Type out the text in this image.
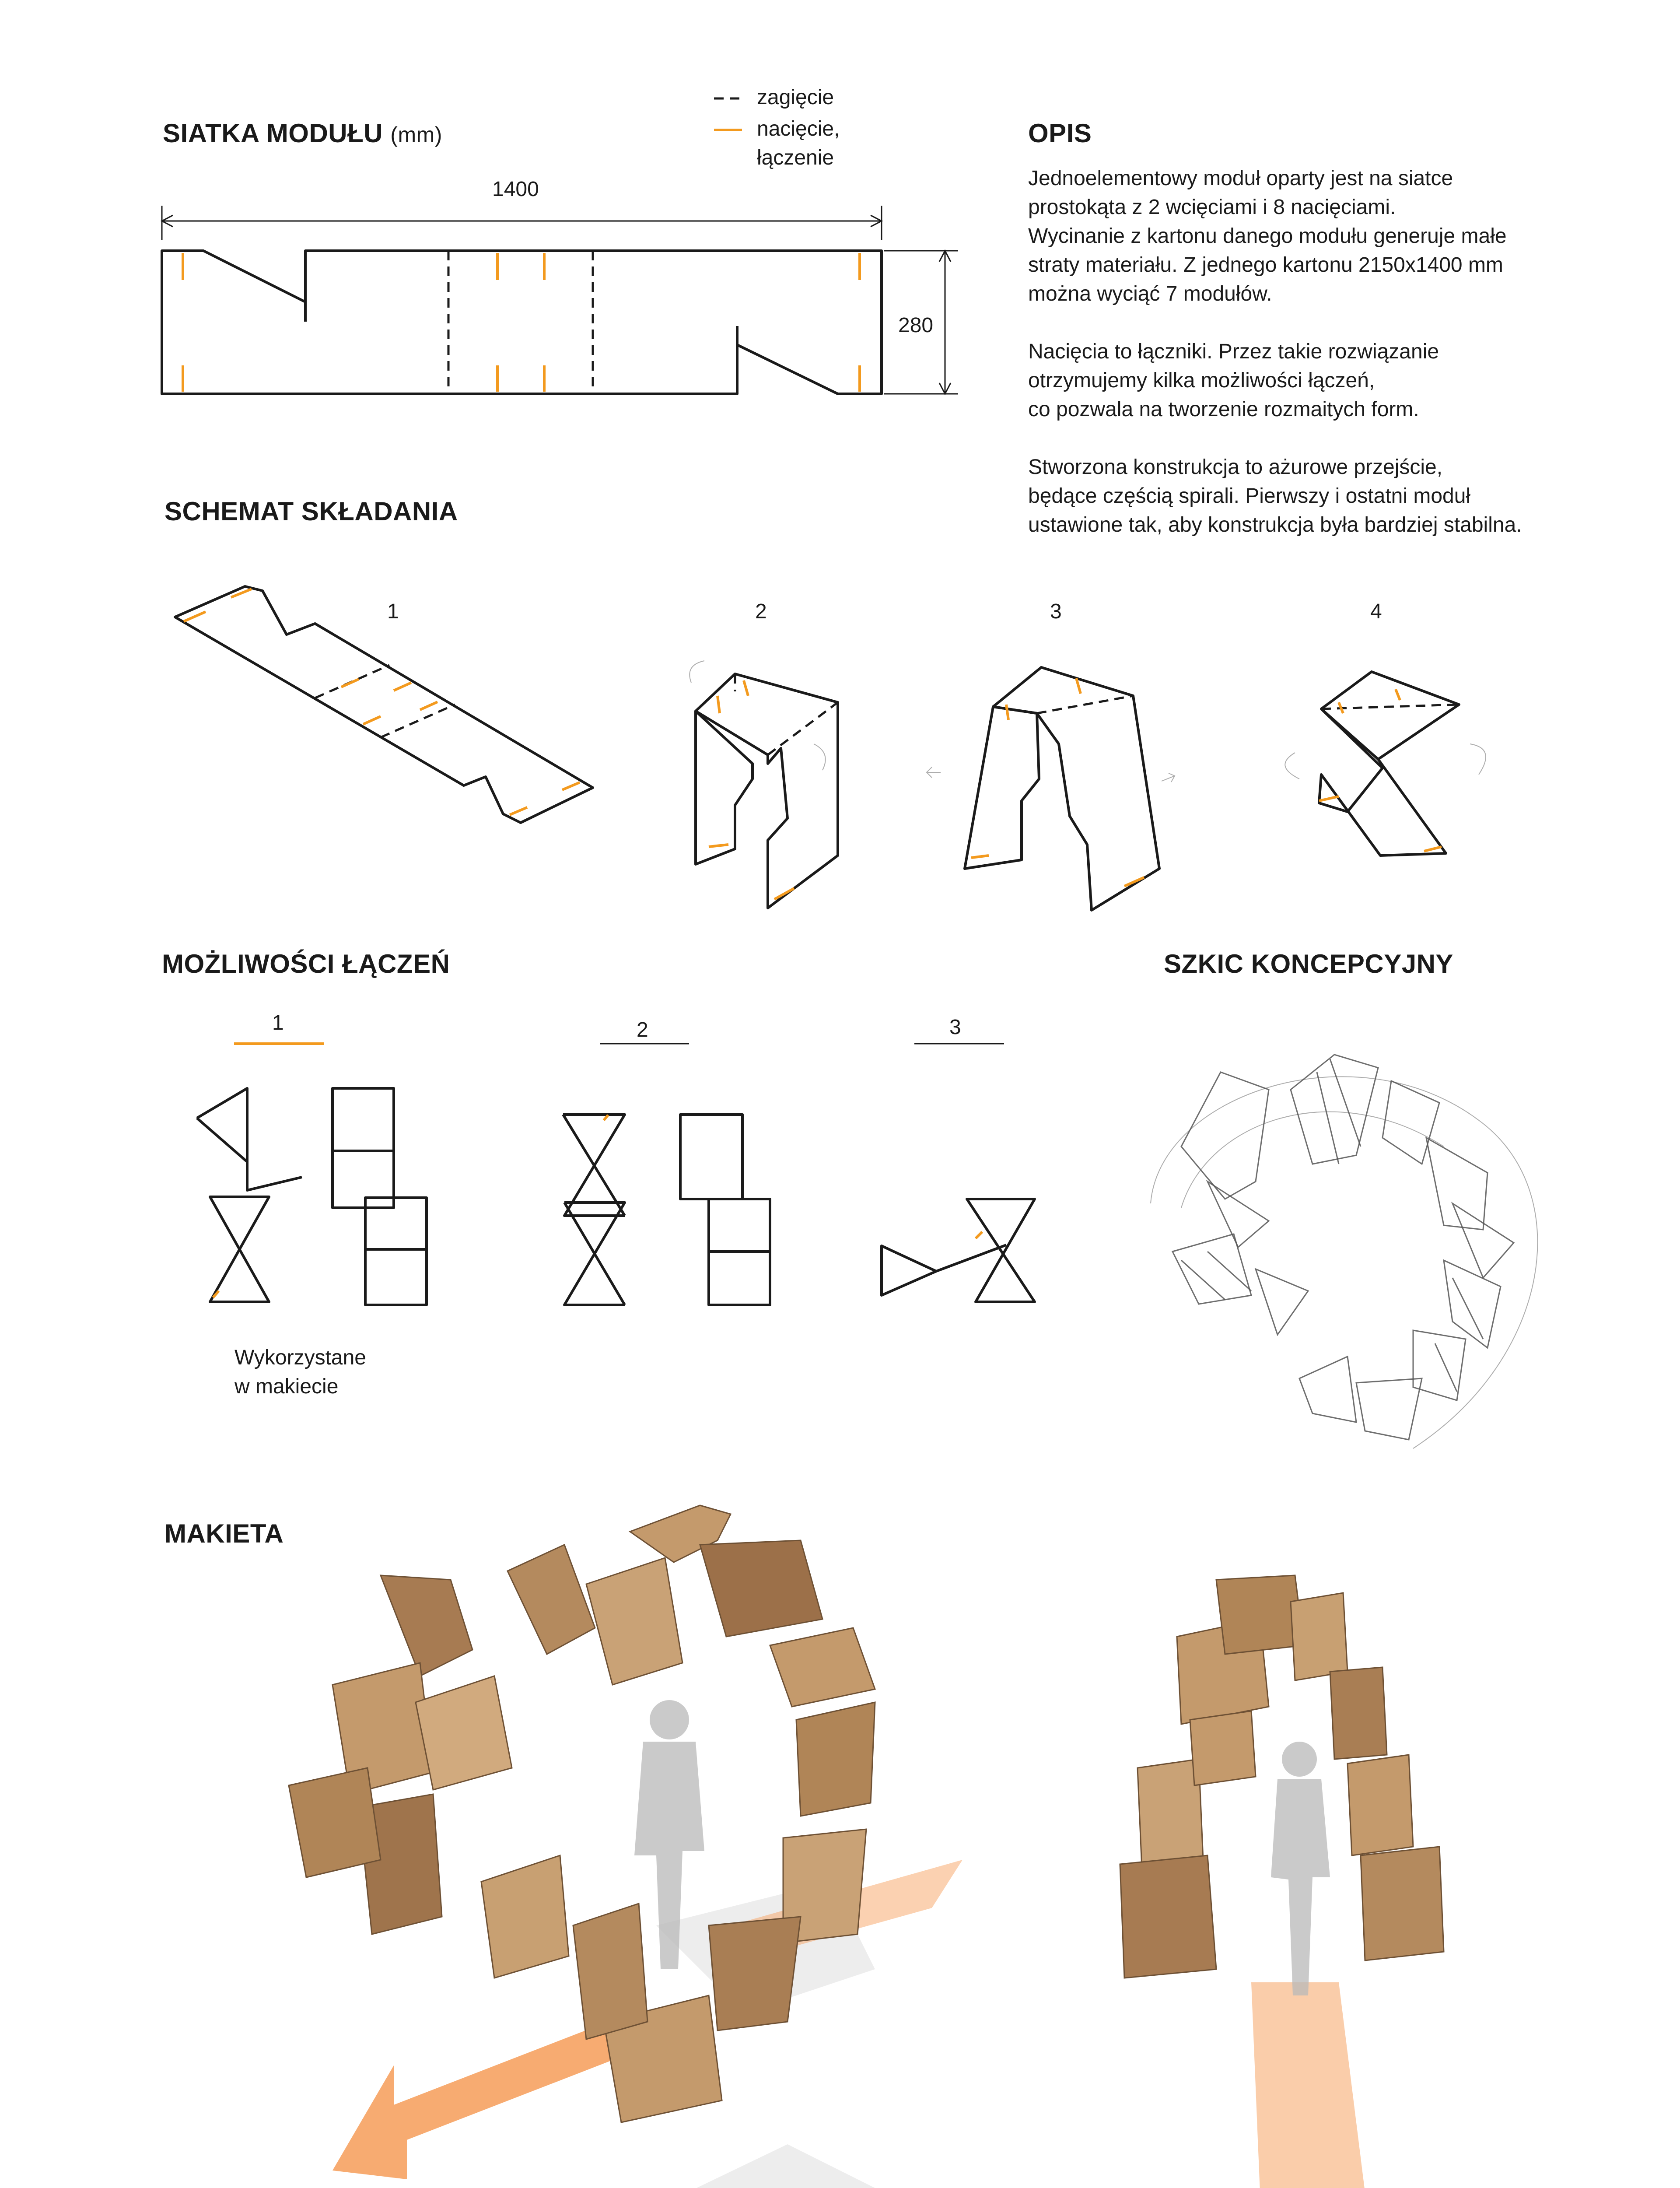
SIATKA MODUŁU (mm)
1400
280
zagięcie
nacięcie, łączenie
OPIS
Jednoelementowy moduł oparty jest na siatce
prostokąta z 2 wcięciami i 8 nacięciami.
Wycinanie z kartonu danego modułu generuje małe
straty materiału. Z jednego kartonu 2150x1400 mm
można wyciąć 7 modułów.
Nacięcia to łączniki. Przez takie rozwiązanie
otrzymujemy kilka możliwości łączeń,
co pozwala na tworzenie rozmaitych form.
Stworzona konstrukcja to ażurowe przejście,
będące częścią spirali. Pierwszy i ostatni moduł
ustawione tak, aby konstrukcja była bardziej stabilna.
SCHEMAT SKŁADANIA
1	2	3	4
MOŻLIWOŚCI ŁĄCZEŃ	SZKIC KONCEPCYJNY
1	2	3
Wykorzystane
w makiecie
MAKIETA
